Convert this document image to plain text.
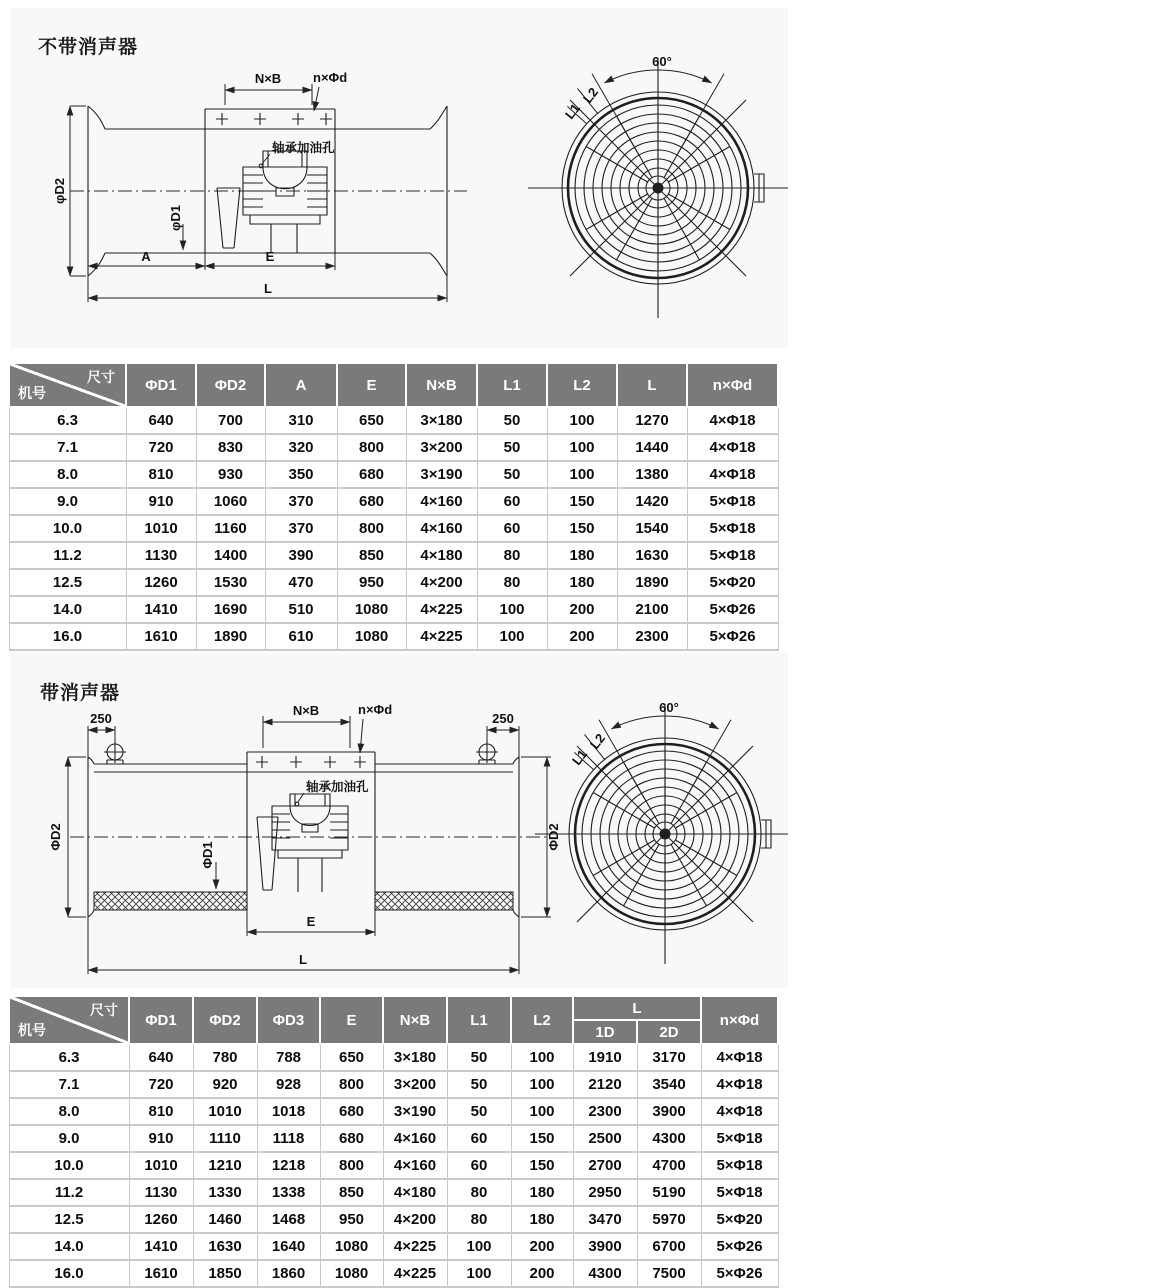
不带消声器
轴承加油孔
N×B n×Φd
φD2
φD1
A	E
L
60°
L2
L1
尺寸
机号	ΦD1	ΦD2	A	E	N×B	L1	L2	L	n×Φd
6.3	640	700	310	650	3×180	50	100	1270	4×Φ18
7.1	720	830	320	800	3×200	50	100	1440	4×Φ18
8.0	810	930	350	680	3×190	50	100	1380	4×Φ18
9.0	910	1060	370	680	4×160	60	150	1420	5×Φ18
10.0	1010	1160	370	800	4×160	60	150	1540	5×Φ18
11.2	1130	1400	390	850	4×180	80	180	1630	5×Φ18
12.5	1260	1530	470	950	4×200	80	180	1890	5×Φ20
14.0	1410	1690	510	1080	4×225	100	200	2100	5×Φ26
16.0	1610	1890	610	1080	4×225	100	200	2300	5×Φ26
带消声器
轴承加油孔
250	250
N×B	n×Φd
ΦD2	ΦD2
ΦD1
E
L
60°
L2
L1
尺寸
机号	ΦD1	ΦD2	ΦD3	E	N×B	L1	L2	L		n×Φd
								1D	2D	
6.3	640	780	788	650	3×180	50	100	1910	3170	4×Φ18
7.1	720	920	928	800	3×200	50	100	2120	3540	4×Φ18
8.0	810	1010	1018	680	3×190	50	100	2300	3900	4×Φ18
9.0	910	1110	1118	680	4×160	60	150	2500	4300	5×Φ18
10.0	1010	1210	1218	800	4×160	60	150	2700	4700	5×Φ18
11.2	1130	1330	1338	850	4×180	80	180	2950	5190	5×Φ18
12.5	1260	1460	1468	950	4×200	80	180	3470	5970	5×Φ20
14.0	1410	1630	1640	1080	4×225	100	200	3900	6700	5×Φ26
16.0	1610	1850	1860	1080	4×225	100	200	4300	7500	5×Φ26
